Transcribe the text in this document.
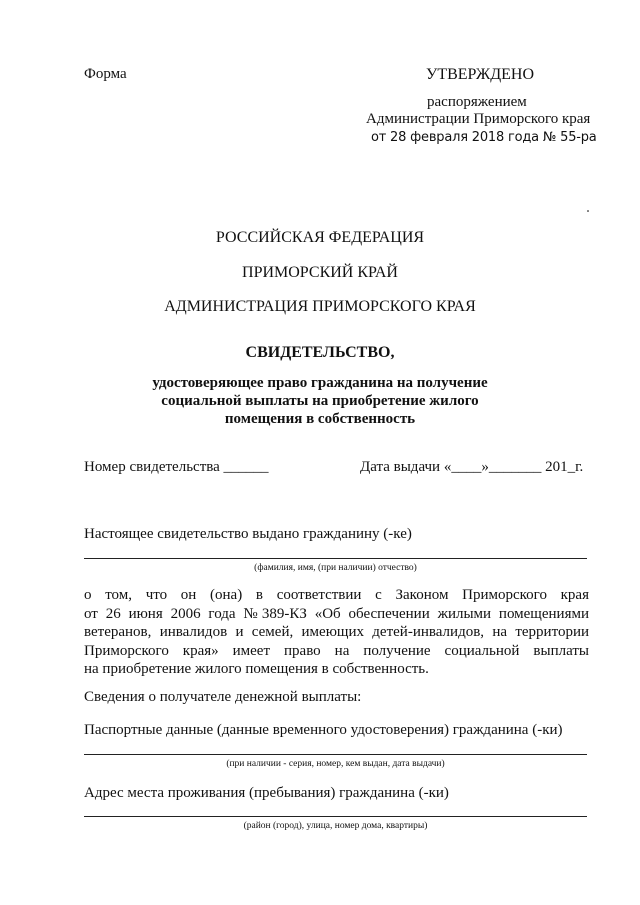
Форма	УТВЕРЖДЕНО
распоряжением
Администрации Приморского края
от 28 февраля 2018 года № 55-ра
РОССИЙСКАЯ ФЕДЕРАЦИЯ
ПРИМОРСКИЙ КРАЙ
АДМИНИСТРАЦИЯ ПРИМОРСКОГО КРАЯ
СВИДЕТЕЛЬСТВО,
удостоверяющее право гражданина на получение
социальной выплаты на приобретение жилого
помещения в собственность
Номер свидетельства ______	Дата выдачи «____»_______ 201_г.
Настоящее свидетельство выдано гражданину (-ке)
(фамилия, имя, (при наличии) отчество)
о том, что он (она) в соответствии с Законом Приморского края
от 26 июня 2006 года №389-КЗ «Об обеспечении жилыми помещениями
ветеранов, инвалидов и семей, имеющих детей-инвалидов, на территории
Приморского края» имеет право на получение социальной выплаты
на приобретение жилого помещения в собственность.
Сведения о получателе денежной выплаты:
Паспортные данные (данные временного удостоверения) гражданина (-ки)
(при наличии - серия, номер, кем выдан, дата выдачи)
Адрес места проживания (пребывания) гражданина (-ки)
(район (город), улица, номер дома, квартиры)
